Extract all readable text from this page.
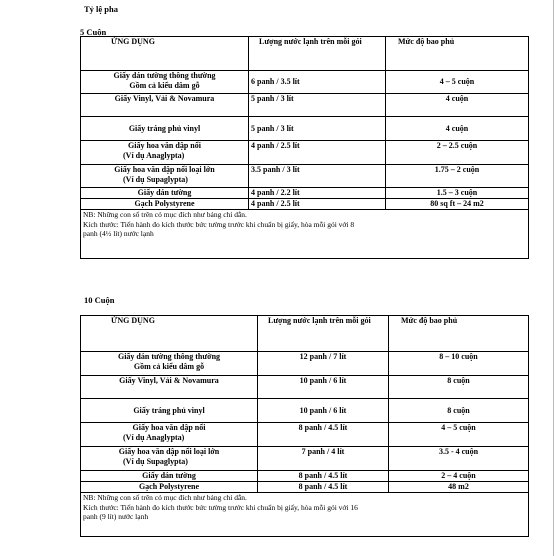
Tỷ lệ pha
5 Cuộn
ỨNG DỤNG	Lượng nước lạnh trên mỗi gói	Mức độ bao phủ

Giấy dán tường thông thường
Gồm cả kiểu dâm gỗ	6 panh / 3.5 lít	4 – 5 cuộn

Giấy Vinyl, Vải & Novamura	5 panh / 3 lít	4 cuộn

Giấy tráng phủ vinyl	5 panh / 3 lít	4 cuộn

Giấy hoa văn dập nổi
(Ví dụ Anaglypta)	4 panh / 2.5 lít	2 – 2.5 cuộn

Giấy hoa văn dập nổi loại lớn
(Ví dụ Supaglypta)	3.5 panh / 3 lít	1.75 – 2 cuộn

Giấy dán tường	4 panh / 2.2 lít	1.5 – 3 cuộn

Gạch Polystyrene	4 panh / 2.5 lít	80 sq ft – 24 m2

NB: Những con số trên có mục đích như bảng chỉ dẫn.
Kích thước: Tiến hành đo kích thước bức tường trước khi chuẩn bị giấy, hòa mỗi gói với 8
panh (4½ lít) nước lạnh		
10 Cuộn
ỨNG DỤNG	Lượng nước lạnh trên mỗi gói	Mức độ bao phủ

Giấy dán tường thông thường
Gồm cả kiểu dâm gỗ	12 panh / 7 lít	8 – 10 cuộn

Giấy Vinyl, Vải & Novamura	10 panh / 6 lít	8 cuộn

Giấy tráng phủ vinyl	10 panh / 6 lít	8 cuộn

Giấy hoa văn dập nổi
(Ví dụ Anaglypta)	8 panh / 4.5 lít	4 – 5 cuộn

Giấy hoa văn dập nổi loại lớn
(Ví dụ Supaglypta)	7 panh / 4 lít	3.5 - 4 cuộn

Giấy dán tường	8 panh / 4.5 lít	2 – 4 cuộn

Gạch Polystyrene	8 panh / 4.5 lít	48 m2

NB: Những con số trên có mục đích như bảng chỉ dẫn.
Kích thước: Tiến hành đo kích thước bức tường trước khi chuẩn bị giấy, hòa mỗi gói với 16
panh (9 lít) nước lạnh		
